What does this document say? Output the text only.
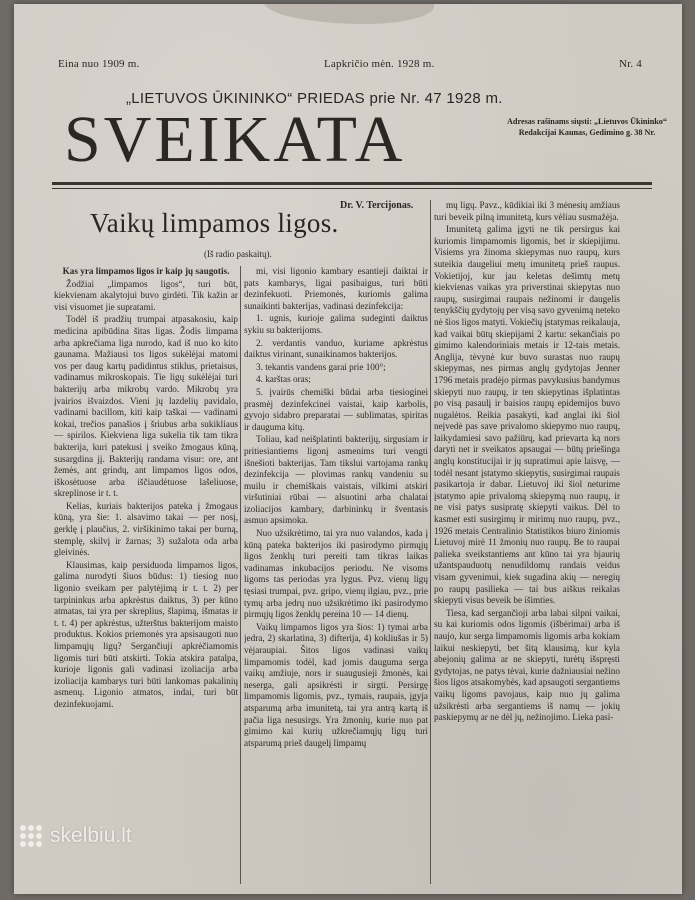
Eina nuo 1909 m.	Lapkričio mėn. 1928 m.	Nr. 4
„LIETUVOS ŪKININKO“ PRIEDAS prie Nr. 47 1928 m.
SVEIKATA	Adresas rašinams siųsti: „Lietuvos Ūkininko“ Redakcijai Kaunas, Gedimino g. 38 Nr.
Dr. V. Tercijonas.
Vaikų limpamos ligos.
(Iš radio paskaitų).

Kas yra limpamos ligos ir kaip jų saugotis.

Žodžiai „limpamos ligos“, turi būt, kiekvienam akalytojui buvo girdėti. Tik kažin ar visi visuomet jie supratami.

Todėl iš pradžių trumpai atpasakosiu, kaip medicina apibūdina šitas ligas. Žodis limpama arba apkrečiama liga nurodo, kad iš nuo ko kito gaunama. Mažiausi tos ligos sukėlėjai matomi vos per daug kartų padidintus stiklus, prietaisus, vadinamus mikroskopais. Tie ligų sukėlėjai turi bakterijų arba mikrobų vardo. Mikrobų yra įvairios išvaizdos. Vieni jų lazdelių pavidalo, vadinami bacillom, kiti kaip taškai — vadinami kokai, trečios panašios į šriubus arba sukikliaus — spirilos. Kiekviena liga sukelia tik tam tikra bakterija, kuri patekusi į sveiko žmogaus kūną, susargdina jį. Bakterijų randama visur: ore, ant žemės, ant grindų, ant limpamos ligos odos, iškosėtuose arba iščiaudėtuose lašeliuose, skreplinose ir t. t.

Kelias, kuriais bakterijos pateka į žmogaus kūną, yra šie: 1. alsavimo takai — per nosį, gerklę į plaučius, 2. viršikinimo takai per burną, stemplę, skilvį ir žarnas; 3) sužalota oda arba gleivinės.

Klausimas, kaip persiduoda limpamos ligos, galima nurodyti šiuos būdus: 1) tiesiog nuo ligonio sveikam per palytėjimą ir t. t. 2) per tarpininkus arba apkrėstus daiktus, 3) per kūno atmatas, tai yra per skreplius, šlapimą, išmatas ir t. t. 4) per apkrėstus, užterštus bakterijom maisto produktus. Kokios priemonės yra apsisaugoti nuo limpamųjų ligų? Sergančiuji apkrėčiamomis ligomis turi būti atskirti. Tokia atskira patalpa, kurioje ligonis gali vadinasi izoliacija arba izoliacija kambarys turi būti lankomas pakalinių asmenų. Ligonio atmatos, indai, turi būt dezinfekuojami.

mi, visi ligonio kambary esantieji daiktai ir pats kambarys, ligai pasibaigus, turi būti dezinfekuoti. Priemonės, kuriomis galima sunaikinti bakterijas, vadinasi dezinfekcija:

1. ugnis, kurioje galima sudeginti daiktus sykiu su bakterijoms.

2. verdantis vanduo, kuriame apkrėstus daiktus virinant, sunaikinamos bakterijos.

3. tekantis vandens garai prie 100°;

4. karštas oras;

5. įvairūs chemiški būdai arba tiesioginei prasmėj dezinfekcinei vaistai, kaip karbolis, gyvojo sidabro preparatai — sublimatas, spiritas ir dauguma kitų.

Toliau, kad neišplatinti bakterijų, sirgusiam ir pritiesiantiems ligonį asmenims turi vengti išnešioti bakterijas. Tam tikslui vartojama rankų dezinfekcija — plovimas rankų vandeniu su muilu ir chemiškais vaistais, vilkimi atskiri viršutiniai rūbai — alsuotini arba chalatai izoliacijos kambary, darbininkų ir šventasis asmuo apsimoka.

Nuo užsikrėtimo, tai yra nuo valandos, kada į kūną pateka bakterijos iki pasirodymo pirmųjų ligos ženklų turi pereiti tam tikras laikas vadinamas inkubacijos periodu. Ne visoms ligoms tas periodas yra lygus. Pvz. vienų ligų tęsiasi trumpai, pvz. gripo, vienų ilgiau, pvz., prie tymų arba jedrų nuo užsikrėtimo iki pasirodymo pirmųjų ligos ženklų pereina 10 — 14 dienų.

Vaikų limpamos ligos yra šios: 1) tymai arba jedra, 2) skarlatina, 3) difterija, 4) kokliušas ir 5) vėjaraupiai. Šitos ligos vadinasi vaikų limpamomis todėl, kad jomis dauguma serga vaikų amžiuje, nors ir suaugusieji žmonės, kai neserga, gali apsikrėsti ir sirgti. Persirgę limpamomis ligomis, pvz., tymais, raupais, įgyja atsparumą arba imunitetą, tai yra antrą kartą iš pačia liga nesusirgs. Yra žmonių, kurie nuo pat gimimo kai kurių užkrečiamųjų ligų turi atsparumą prieš daugelį limpamų

mų ligų. Pavz., kūdikiai iki 3 mėnesių amžiaus turi beveik pilną imunitetą, kurs vėliau susmažėja.

Imunitetą galima įgyti ne tik persirgus kai kuriomis limpamomis ligomis, bet ir skiepijimu. Visiems yra žinoma skiepymas nuo raupų, kurs suteikia daugeliui metų imunitetą prieš raupus. Vokietijoj, kur jau keletas dešimtų metų kiekvienas vaikas yra priverstinai skiepytas nuo raupų, susirgimai raupais nežinomi ir daugelis tenykščių gydytojų per visą savo gyvenimą neteko nė šios ligos matyti. Vokiečių įstatymas reikalauja, kad vaikai būtų skiepijami 2 kartu: sekančiais po gimimo kalendoriniais metais ir 12-tais metais. Anglija, tėvynė kur buvo surastas nuo raupų skiepymas, nes pirmas anglų gydytojas Jenner 1796 metais pradėjo pirmas pavykusius bandymus skiepyti nuo raupų, ir ten skiepytinas išplatintas po visą pasaulį ir baisios raupų epidemijos buvo nugalėtos. Reikia pasakyti, kad anglai iki šiol neįvedė pas save privalomo skiepymo nuo raupų, laikydamiesi savo pažiūrų, kad prievarta ką nors daryti net ir sveikatos apsaugai — būtų priešinga anglų konstitucijai ir jų supratimui apie laisvę, — todėl nesant įstatymo skiepytis, susirgimai raupais pasikartoja ir dabar. Lietuvoj iki šiol neturime įstatymo apie privalomą skiepymą nuo raupų, ir ne visi patys susipratę skiepyti vaikus. Dėl to kasmet esti susirgimų ir mirimų nuo raupų, pvz., 1926 metais Centralinio Statistikos biuro žiniomis Lietuvoj mirė 11 žmonių nuo raupų. Be to raupai palieka sveikstantiems ant kūno tai yra bjaurių užantspauduotų nenudildomų randais veidus visam gyvenimui, kiek sugadina akių — neregių po raupų pasilieka — tai bus aiškus reikalas skiepyti visus beveik be išimties.

Tiesa, kad sergančioji arba labai silpni vaikai, su kai kuriomis odos ligomis (išbėrimai) arba iš naujo, kur serga limpamomis ligomis arba kokiam laikui neskiepyti, bet šitą klausimą, kur kyla abejonių galima ar ne skiepyti, turėtų išspręsti gydytojas, ne patys tėvai, kurie dažniausiai nežino šios ligos atsakomybės, kad apsaugoti sergantiems vaikų ligoms pavojaus, kaip nuo jų galima užsikrėsti arba sergantiems iš namų — jokių paskiepymų ar ne dėl jų, nežinojimo. Lieka pasi-

skelbiu.lt
